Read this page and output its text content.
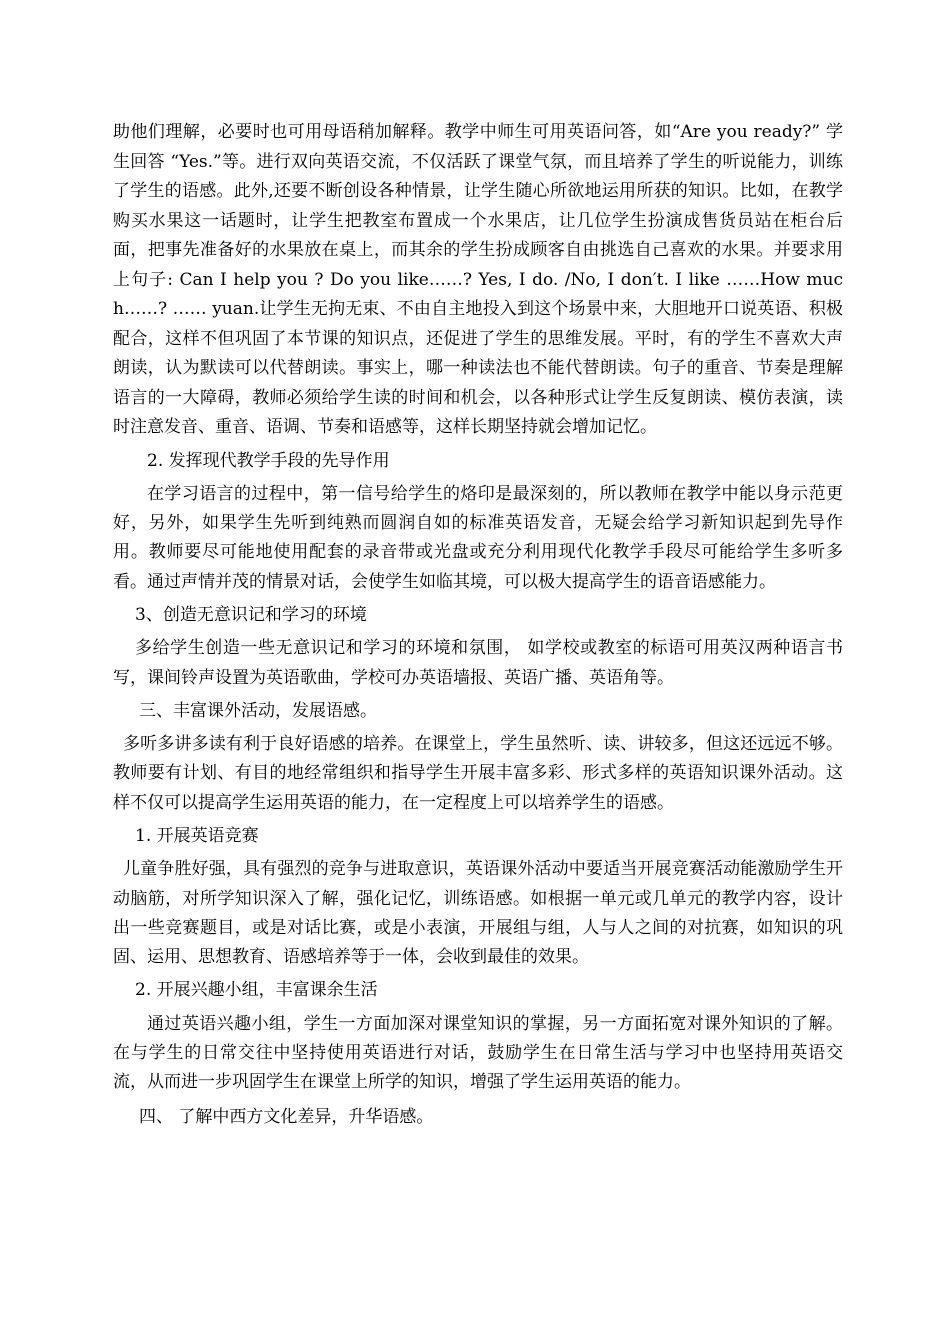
助他们理解，必要时也可用母语稍加解释。教学中师生可用英语问答，如“Are you ready?” 学生回答 “Yes.”等。进行双向英语交流，不仅活跃了课堂气氛，而且培养了学生的听说能力，训练了学生的语感。此外,还要不断创设各种情景，让学生随心所欲地运用所获的知识。比如，在教学购买水果这一话题时，让学生把教室布置成一个水果店，让几位学生扮演成售货员站在柜台后面，把事先准备好的水果放在桌上，而其余的学生扮成顾客自由挑选自己喜欢的水果。并要求用上句子: Can I help you ? Do you like……? Yes, I do. /No, I don′t. I like ……How much……? …… yuan.让学生无拘无束、不由自主地投入到这个场景中来，大胆地开口说英语、积极配合，这样不但巩固了本节课的知识点，还促进了学生的思维发展。平时，有的学生不喜欢大声朗读，认为默读可以代替朗读。事实上，哪一种读法也不能代替朗读。句子的重音、节奏是理解语言的一大障碍，教师必须给学生读的时间和机会，以各种形式让学生反复朗读、模仿表演，读时注意发音、重音、语调、节奏和语感等，这样长期坚持就会增加记忆。

2. 发挥现代教学手段的先导作用

在学习语言的过程中，第一信号给学生的烙印是最深刻的，所以教师在教学中能以身示范更好，另外，如果学生先听到纯熟而圆润自如的标准英语发音，无疑会给学习新知识起到先导作用。教师要尽可能地使用配套的录音带或光盘或充分利用现代化教学手段尽可能给学生多听多看。通过声情并茂的情景对话，会使学生如临其境，可以极大提高学生的语音语感能力。

3、创造无意识记和学习的环境

多给学生创造一些无意识记和学习的环境和氛围， 如学校或教室的标语可用英汉两种语言书写，课间铃声设置为英语歌曲，学校可办英语墙报、英语广播、英语角等。

三、丰富课外活动，发展语感。

多听多讲多读有利于良好语感的培养。在课堂上，学生虽然听、读、讲较多，但这还远远不够。教师要有计划、有目的地经常组织和指导学生开展丰富多彩、形式多样的英语知识课外活动。这样不仅可以提高学生运用英语的能力，在一定程度上可以培养学生的语感。

1. 开展英语竞赛

儿童争胜好强，具有强烈的竞争与进取意识，英语课外活动中要适当开展竞赛活动能激励学生开动脑筋，对所学知识深入了解，强化记忆，训练语感。如根据一单元或几单元的教学内容，设计出一些竞赛题目，或是对话比赛，或是小表演，开展组与组，人与人之间的对抗赛，如知识的巩固、运用、思想教育、语感培养等于一体，会收到最佳的效果。

2. 开展兴趣小组，丰富课余生活

通过英语兴趣小组，学生一方面加深对课堂知识的掌握，另一方面拓宽对课外知识的了解。在与学生的日常交往中坚持使用英语进行对话，鼓励学生在日常生活与学习中也坚持用英语交流，从而进一步巩固学生在课堂上所学的知识，增强了学生运用英语的能力。

四、 了解中西方文化差异，升华语感。
